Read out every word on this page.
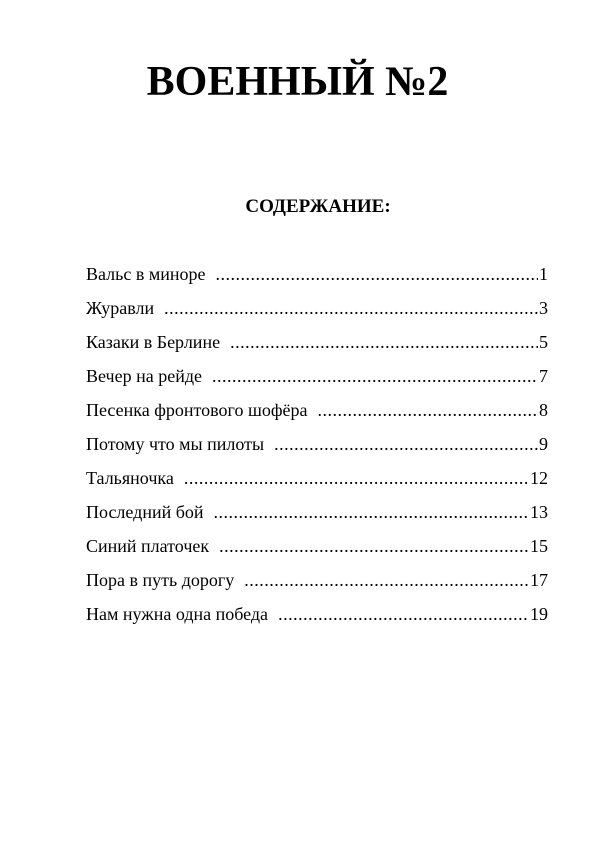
ВОЕННЫЙ №2
СОДЕРЖАНИЕ:
Вальс в миноре .....	1
Журавли .....	3
Казаки в Берлине .....	5
Вечер на рейде .....	7
Песенка фронтового шофёра .....	8
Потому что мы пилоты .....	9
Тальяночка .....	12
Последний бой .....	13
Синий платочек .....	15
Пора в путь дорогу .....	17
Нам нужна одна победа .....	19
